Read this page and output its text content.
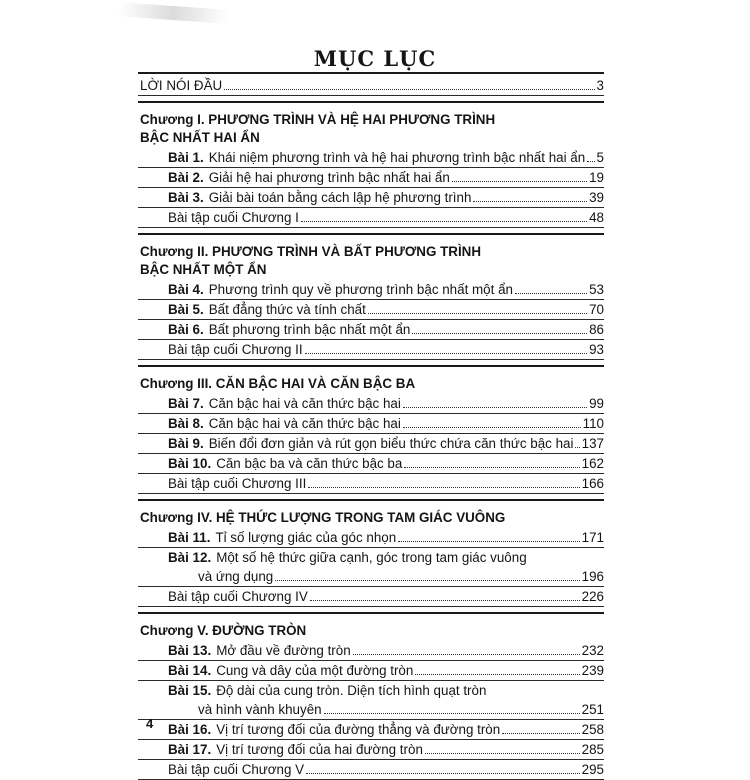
MỤC LỤC
LỜI NÓI ĐẦU	3
Chương I. PHƯƠNG TRÌNH VÀ HỆ HAI PHƯƠNG TRÌNH
BẬC NHẤT HAI ẨN
Bài 1. Khái niệm phương trình và hệ hai phương trình bậc nhất hai ẩn 5
Bài 2. Giải hệ hai phương trình bậc nhất hai ẩn	19
Bài 3. Giải bài toán bằng cách lập hệ phương trình	39
Bài tập cuối Chương I	48
Chương II. PHƯƠNG TRÌNH VÀ BẤT PHƯƠNG TRÌNH
BẬC NHẤT MỘT ẨN
Bài 4. Phương trình quy về phương trình bậc nhất một ẩn	53
Bài 5. Bất đẳng thức và tính chất	70
Bài 6. Bất phương trình bậc nhất một ẩn	86
Bài tập cuối Chương II	93
Chương III. CĂN BẬC HAI VÀ CĂN BẬC BA
Bài 7. Căn bậc hai và căn thức bậc hai	99
Bài 8. Căn bậc hai và căn thức bậc hai	110
Bài 9. Biến đổi đơn giản và rút gọn biểu thức chứa căn thức bậc hai 137
Bài 10. Căn bậc ba và căn thức bậc ba	162
Bài tập cuối Chương III	166
Chương IV. HỆ THỨC LƯỢNG TRONG TAM GIÁC VUÔNG
Bài 11. Tỉ số lượng giác của góc nhọn	171
Bài 12. Một số hệ thức giữa cạnh, góc trong tam giác vuông
và ứng dụng	196
Bài tập cuối Chương IV	226
Chương V. ĐƯỜNG TRÒN
Bài 13. Mở đầu về đường tròn	232
Bài 14. Cung và dây của một đường tròn	239
Bài 15. Độ dài của cung tròn. Diện tích hình quạt tròn
và hình vành khuyên	251
Bài 16. Vị trí tương đối của đường thẳng và đường tròn	258
Bài 17. Vị trí tương đối của hai đường tròn	285
Bài tập cuối Chương V	295
4
